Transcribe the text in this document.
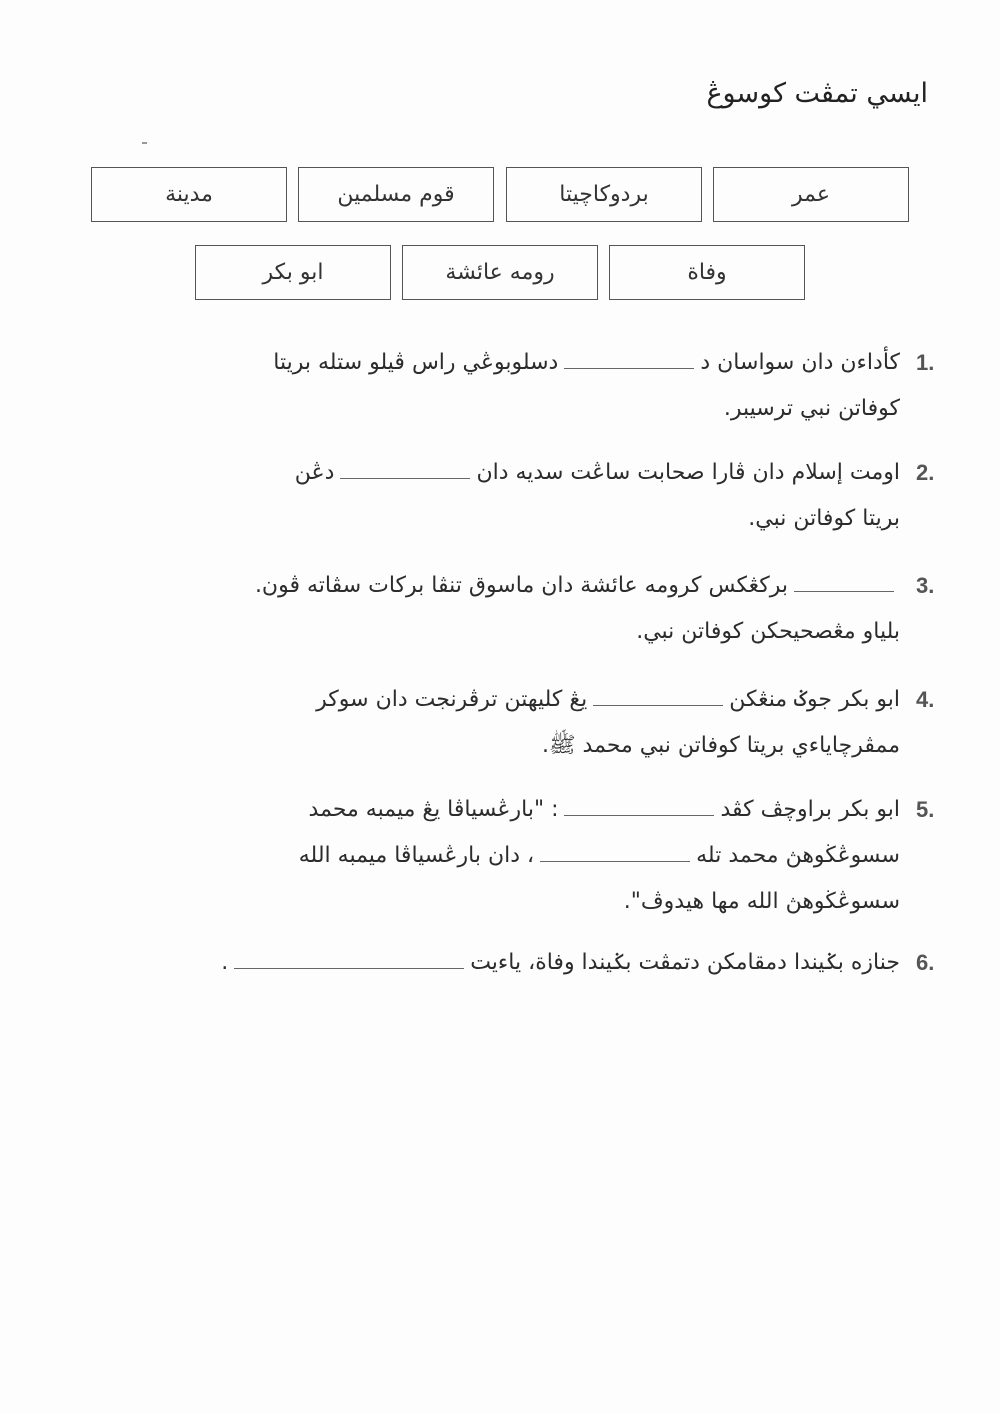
ايسي تمڤت كوسوڠ
عمر
بردوكاچيتا
قوم مسلمين
مدينة
وفاة
رومه عائشة
ابو بكر
1.
كأداءن دان سواسان ددسلوبوڠي راس ڤيلو ستله بريتا
كوفاتن نبي ترسيبر.
2.
اومت إسلام دان ڤارا صحابت ساڠت سديه داندڠن
بريتا كوفاتن نبي.
3.
بركڠكس كرومه عائشة دان ماسوق تنڤا بركات سڤاته ڤون.
بلياو مڠصحيحكن كوفاتن نبي.
4.
ابو بكر جوݢ منڠكنيڠ كليهتن ترڤرنجت دان سوكر
ممڤرچاياءي بريتا كوفاتن نبي محمد ﷺ.
5.
ابو بكر براوچڤ كڤد: "بارڠسياڤا يڠ ميمبه محمد
سسوڠڬوهڽ محمد تله، دان بارڠسياڤا ميمبه الله
سسوڠڬوهڽ الله مها هيدوڤ".
6.
جنازه بݢيندا دمقامكن دتمڤت بݢيندا وفاة، ياءيت.
